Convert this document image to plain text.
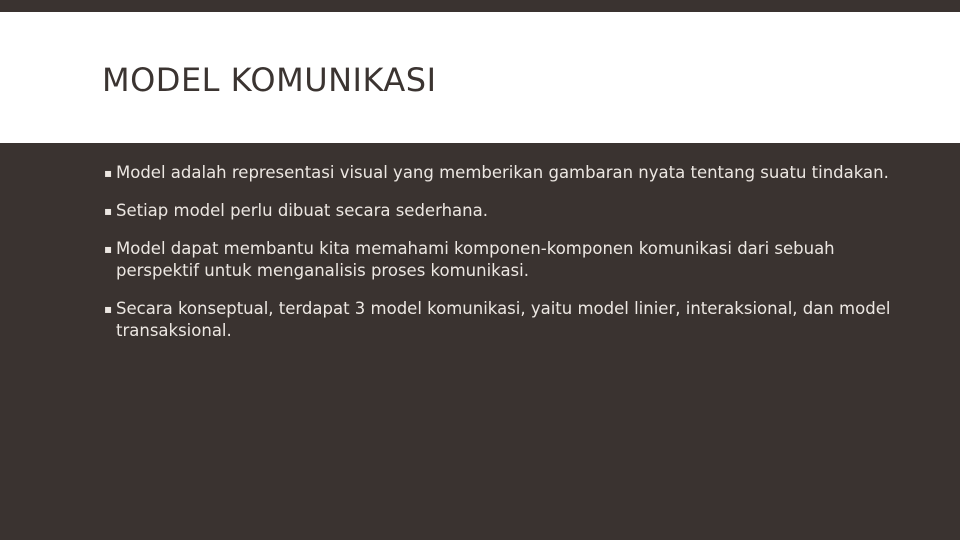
MODEL KOMUNIKASI
▪ Model adalah representasi visual yang memberikan gambaran nyata tentang suatu tindakan.
▪ Setiap model perlu dibuat secara sederhana.
▪ Model dapat membantu kita memahami komponen-komponen komunikasi dari sebuah perspektif untuk menganalisis proses komunikasi.
▪ Secara konseptual, terdapat 3 model komunikasi, yaitu model linier, interaksional, dan model transaksional.
